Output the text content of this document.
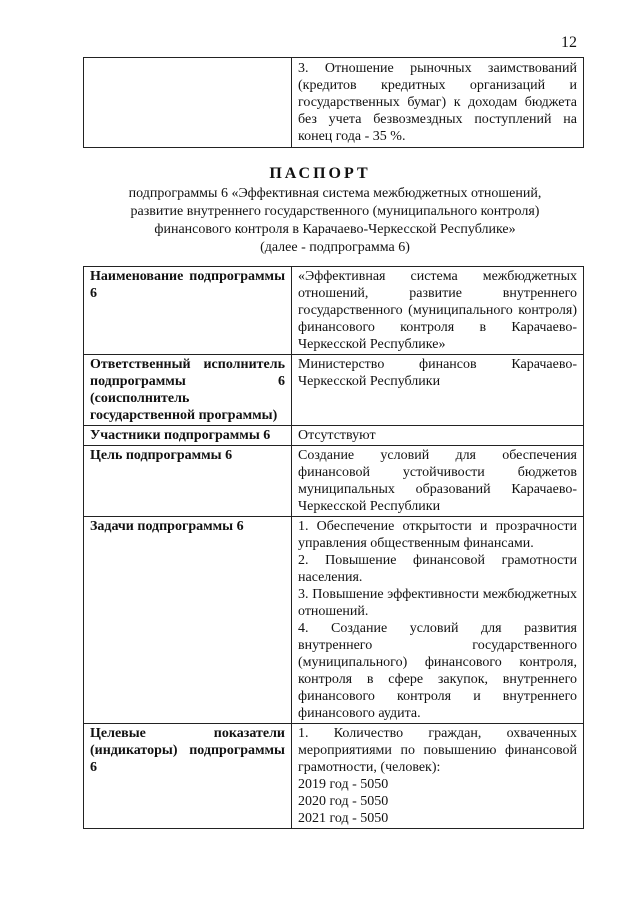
12
	3. Отношение рыночных заимствований (кредитов кредитных организаций и государственных бумаг) к доходам бюджета без учета безвозмездных поступлений на конец года - 35 %.
ПАСПОРТ
подпрограммы 6 «Эффективная система межбюджетных отношений,
развитие внутреннего государственного (муниципального контроля)
финансового контроля в Карачаево-Черкесской Республике»
(далее - подпрограмма 6)
Наименование подпрограммы 6	«Эффективная система межбюджетных отношений, развитие внутреннего государственного (муниципального контроля) финансового контроля в Карачаево-Черкесской Республике»

Ответственный исполнитель подпрограммы 6 (соисполнитель государственной программы)	Министерство финансов Карачаево-Черкесской Республики

Участники подпрограммы 6	Отсутствуют

Цель подпрограммы 6	Создание условий для обеспечения финансовой устойчивости бюджетов муниципальных образований Карачаево-Черкесской Республики

Задачи подпрограммы 6	1. Обеспечение открытости и прозрачности управления общественным финансами.
2. Повышение финансовой грамотности населения.
3. Повышение эффективности межбюджетных отношений.
4. Создание условий для развития внутреннего государственного (муниципального) финансового контроля, контроля в сфере закупок, внутреннего финансового контроля и внутреннего финансового аудита.

Целевые показатели (индикаторы) подпрограммы 6	1. Количество граждан, охваченных мероприятиями по повышению финансовой грамотности, (человек):
2019 год - 5050
2020 год - 5050
2021 год - 5050
